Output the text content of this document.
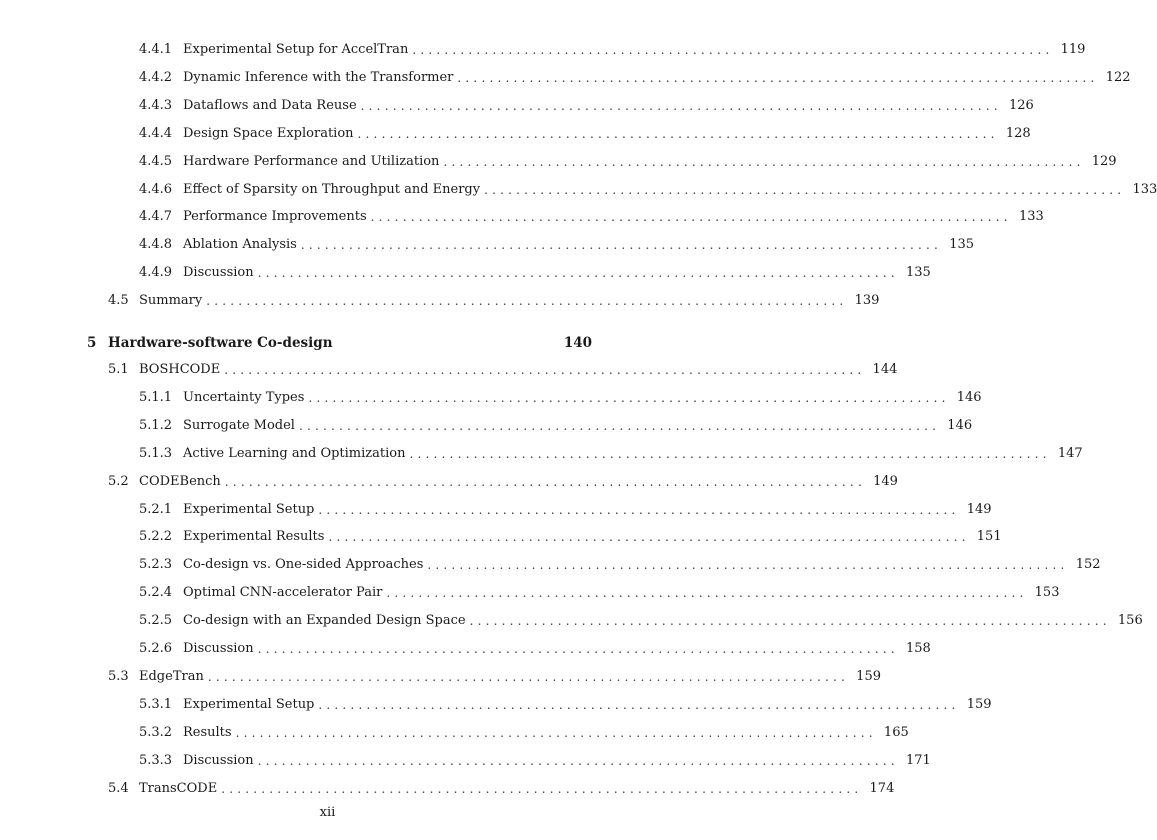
4.4.1 Experimental Setup for AccelTran ................................................................................ 119
4.4.2 Dynamic Inference with the Transformer ................................................................................ 122
4.4.3 Dataflows and Data Reuse ................................................................................ 126
4.4.4 Design Space Exploration ................................................................................ 128
4.4.5 Hardware Performance and Utilization ................................................................................ 129
4.4.6 Effect of Sparsity on Throughput and Energy ................................................................................ 133
4.4.7 Performance Improvements ................................................................................ 133
4.4.8 Ablation Analysis ................................................................................ 135
4.4.9 Discussion ................................................................................ 135
4.5 Summary ................................................................................ 139
5 Hardware-software Co-design	140
5.1 BOSHCODE ................................................................................ 144
5.1.1 Uncertainty Types ................................................................................ 146
5.1.2 Surrogate Model ................................................................................ 146
5.1.3 Active Learning and Optimization ................................................................................ 147
5.2 CODEBench ................................................................................ 149
5.2.1 Experimental Setup ................................................................................ 149
5.2.2 Experimental Results ................................................................................ 151
5.2.3 Co-design vs. One-sided Approaches ................................................................................ 152
5.2.4 Optimal CNN-accelerator Pair ................................................................................ 153
5.2.5 Co-design with an Expanded Design Space ................................................................................ 156
5.2.6 Discussion ................................................................................ 158
5.3 EdgeTran ................................................................................ 159
5.3.1 Experimental Setup ................................................................................ 159
5.3.2 Results ................................................................................ 165
5.3.3 Discussion ................................................................................ 171
5.4 TransCODE ................................................................................ 174
xii
